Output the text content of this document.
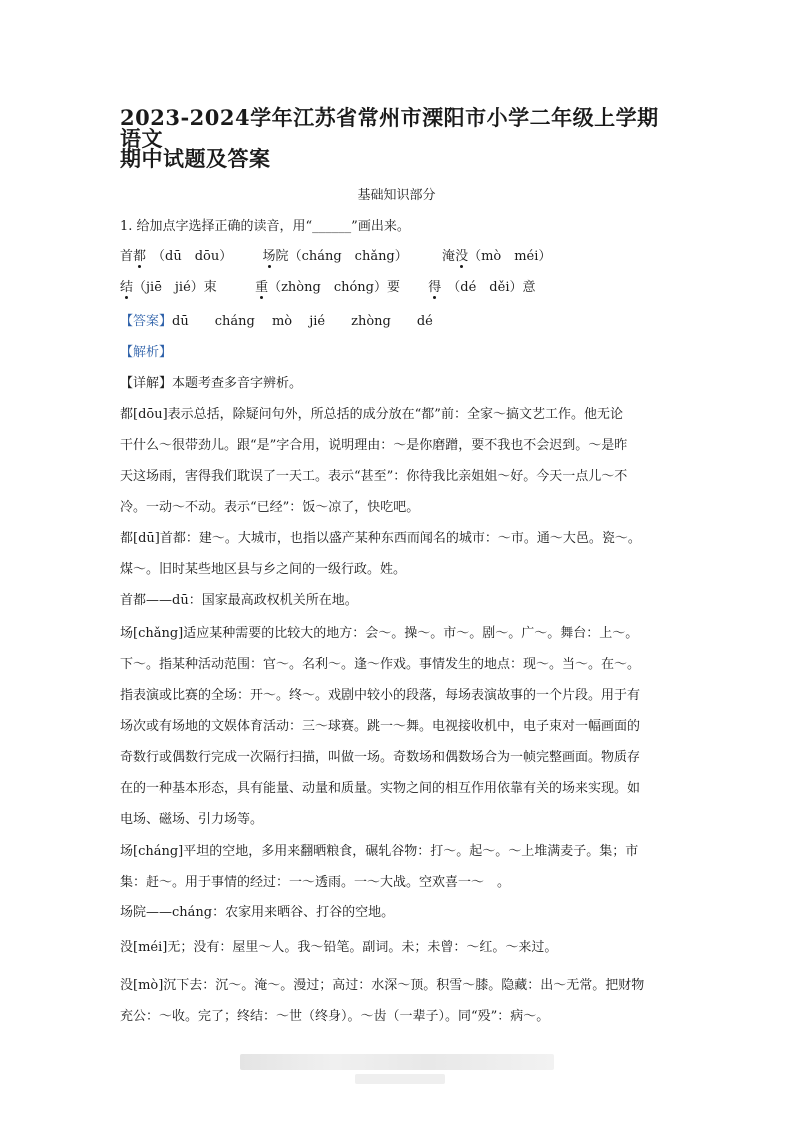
2023-2024学年江苏省常州市溧阳市小学二年级上学期语文
期中试题及答案
基础知识部分
1. 给加点字选择正确的读音，用“______”画出来。
首都 （dū　dōu） 场院（cháng　chǎng）	淹没（mò　méi）
结（jiē　jié）束	重（zhòng　chóng）要 得 （dé　děi）意
【答案】dū　　cháng　 mò　 jié　　zhòng　　dé
【解析】
【详解】本题考查多音字辨析。
都[dōu]表示总括，除疑问句外，所总括的成分放在“都”前：全家～搞文艺工作。他无论
干什么～很带劲儿。跟“是”字合用，说明理由：～是你磨蹭，要不我也不会迟到。～是昨
天这场雨，害得我们耽误了一天工。表示“甚至”：你待我比亲姐姐～好。今天一点儿～不
冷。一动～不动。表示“已经”：饭～凉了，快吃吧。
都[dū]首都：建～。大城市，也指以盛产某种东西而闻名的城市：～市。通～大邑。瓷～。
煤～。旧时某些地区县与乡之间的一级行政。姓。
首都——dū：国家最高政权机关所在地。
场[chǎng]适应某种需要的比较大的地方：会～。操～。市～。剧～。广～。舞台：上～。
下～。指某种活动范围：官～。名利～。逢～作戏。事情发生的地点：现～。当～。在～。
指表演或比赛的全场：开～。终～。戏剧中较小的段落，每场表演故事的一个片段。用于有
场次或有场地的文娱体育活动：三～球赛。跳一～舞。电视接收机中，电子束对一幅画面的
奇数行或偶数行完成一次隔行扫描，叫做一场。奇数场和偶数场合为一帧完整画面。物质存
在的一种基本形态，具有能量、动量和质量。实物之间的相互作用依靠有关的场来实现。如
电场、磁场、引力场等。
场[cháng]平坦的空地，多用来翻晒粮食，碾轧谷物：打～。起～。～上堆满麦子。集；市
集：赶～。用于事情的经过：一～透雨。一～大战。空欢喜一～　。
场院——cháng：农家用来晒谷、打谷的空地。
没[méi]无；没有：屋里～人。我～铅笔。副词。未；未曾：～红。～来过。
没[mò]沉下去：沉～。淹～。漫过；高过：水深～顶。积雪～膝。隐藏：出～无常。把财物
充公：～收。完了；终结：～世（终身）。～齿（一辈子）。同“殁”：病～。
